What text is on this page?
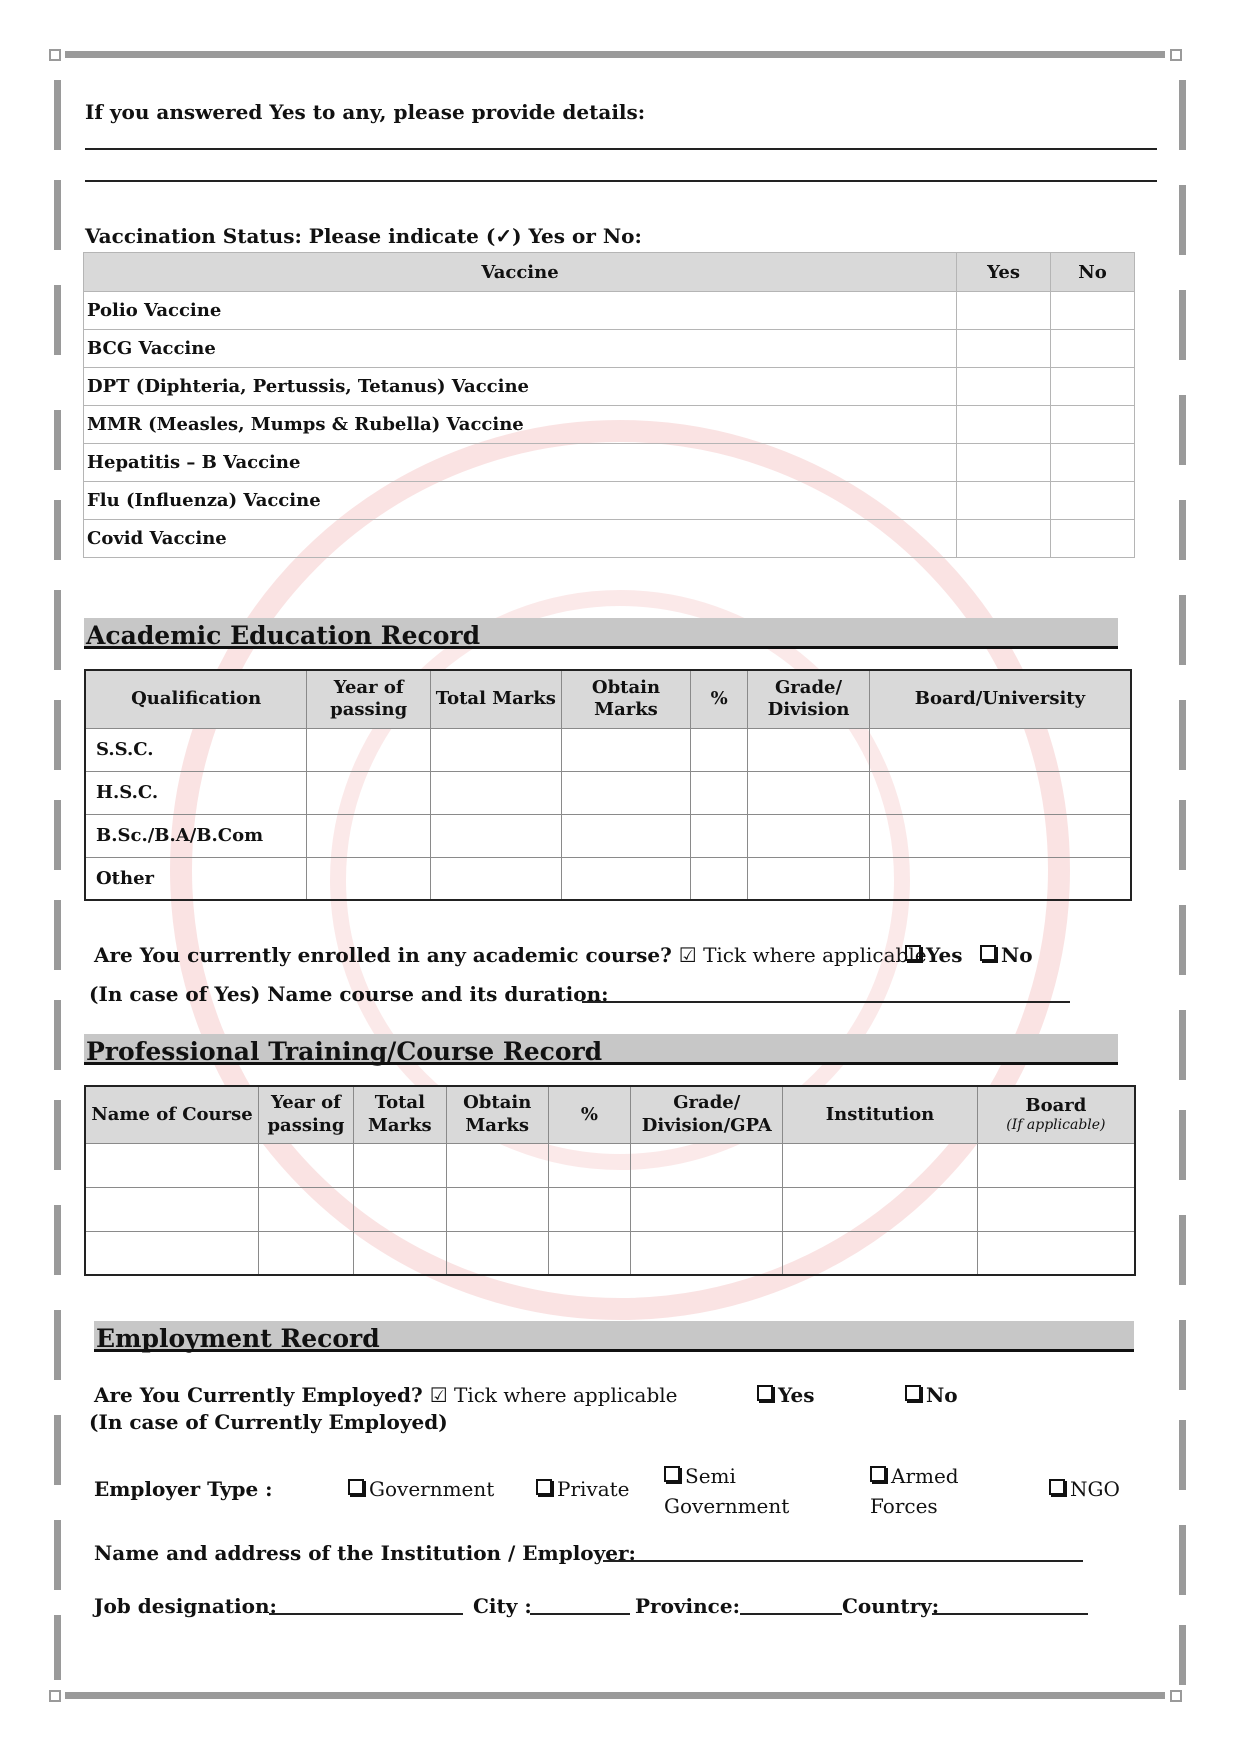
If you answered Yes to any, please provide details:
Vaccination Status: Please indicate (✓) Yes or No:
Vaccine	Yes	No
Polio Vaccine		
BCG Vaccine		
DPT (Diphteria, Pertussis, Tetanus) Vaccine		
MMR (Measles, Mumps & Rubella) Vaccine		
Hepatitis – B Vaccine		
Flu (Influenza) Vaccine		
Covid Vaccine		
Academic Education Record
Qualification	Year of passing	Total Marks	Obtain Marks	%	Grade/ Division	Board/University
S.S.C.						
H.S.C.						
B.Sc./B.A/B.Com						
Other						
Are You currently enrolled in any academic course? ☑ Tick where applicable Yes	No
(In case of Yes) Name course and its duration:
Professional Training/Course Record
Name of Course	Year of passing	Total Marks	Obtain Marks	%	Grade/ Division/GPA	Institution	Board
(If applicable)

Employment Record
Are You Currently Employed? ☑ Tick where applicable	Yes	No
(In case of Currently Employed)
Employer Type :	Government	Private
Semi Government
Armed Forces
NGO
Name and address of the Institution / Employer:
Job designation:	City :	Province:	Country:
